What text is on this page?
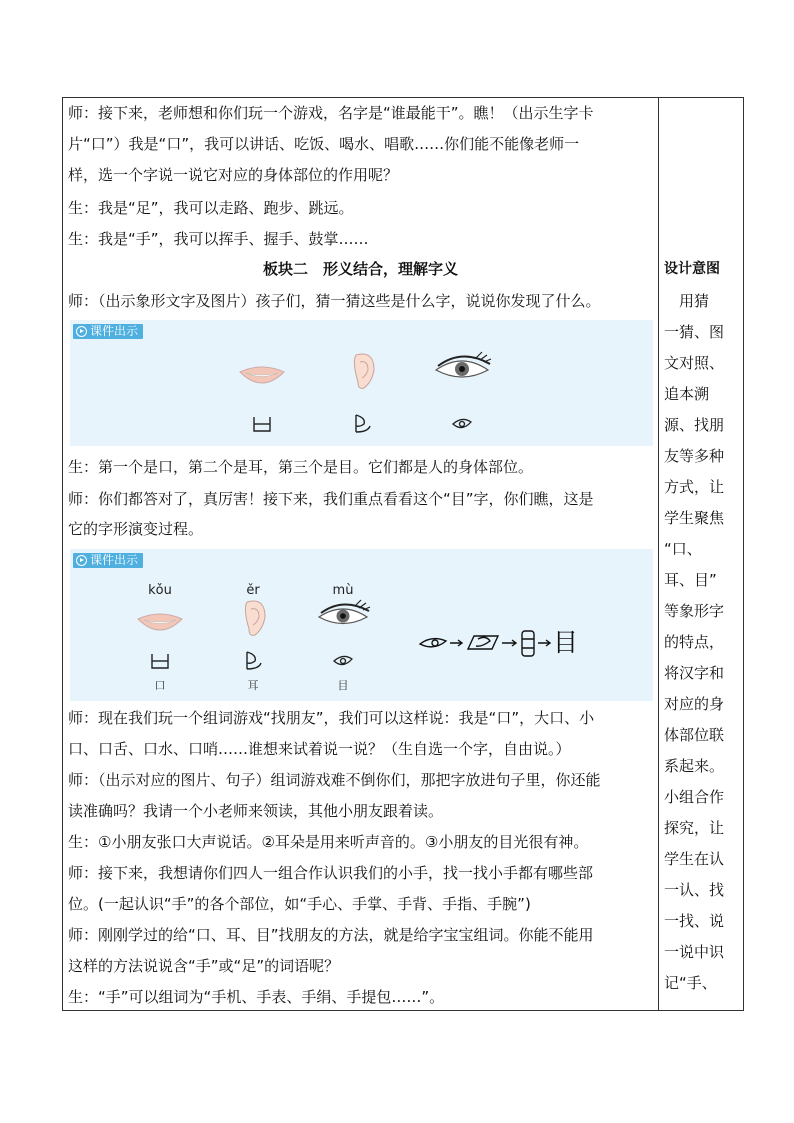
师：接下来，老师想和你们玩一个游戏，名字是“谁最能干”。瞧！（出示生字卡
片“口”）我是“口”，我可以讲话、吃饭、喝水、唱歌……你们能不能像老师一
样，选一个字说一说它对应的身体部位的作用呢？
生：我是“足”，我可以走路、跑步、跳远。
生：我是“手”，我可以挥手、握手、鼓掌……
板块二　形义结合，理解字义
师：（出示象形文字及图片）孩子们，猜一猜这些是什么字，说说你发现了什么。
课件出示
生：第一个是口，第二个是耳，第三个是目。它们都是人的身体部位。
师：你们都答对了，真厉害！接下来，我们重点看看这个“目”字，你们瞧，这是
它的字形演变过程。
课件出示
kǒu	ěr	mù
目
口	耳	目
师：现在我们玩一个组词游戏“找朋友”，我们可以这样说：我是“口”，大口、小
口、口舌、口水、口哨……谁想来试着说一说？（生自选一个字，自由说。）
师：（出示对应的图片、句子）组词游戏难不倒你们，那把字放进句子里，你还能
读准确吗？我请一个小老师来领读，其他小朋友跟着读。
生：①小朋友张口大声说话。②耳朵是用来听声音的。③小朋友的目光很有神。
师：接下来，我想请你们四人一组合作认识我们的小手，找一找小手都有哪些部
位。(一起认识“手”的各个部位，如“手心、手掌、手背、手指、手腕”)
师：刚刚学过的给“口、耳、目”找朋友的方法，就是给字宝宝组词。你能不能用
这样的方法说说含“手”或“足”的词语呢？
生：“手”可以组词为“手机、手表、手绢、手提包……”。
设计意图
　用猜
一猜、图
文对照、
追本溯
源、找朋
友等多种
方式，让
学生聚焦
“口、
耳、目”
等象形字
的特点，
将汉字和
对应的身
体部位联
系起来。
小组合作
探究，让
学生在认
一认、找
一找、说
一说中识
记“手、
